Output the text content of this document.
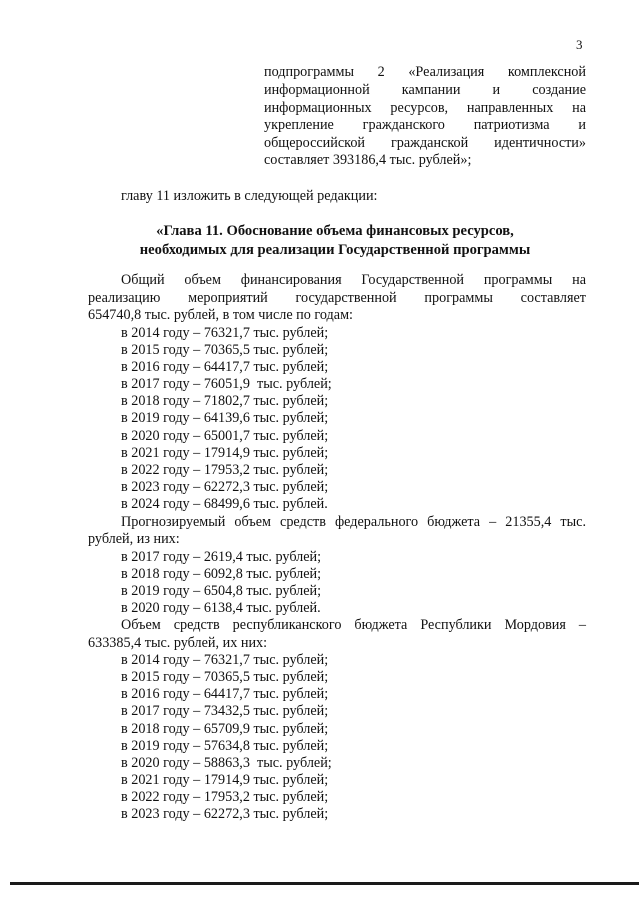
3
подпрограммы 2 «Реализация комплексной
информационной кампании и создание
информационных ресурсов, направленных на
укрепление гражданского патриотизма и
общероссийской гражданской идентичности»
составляет 393186,4 тыс. рублей»;
главу 11 изложить в следующей редакции:
«Глава 11. Обоснование объема финансовых ресурсов,
необходимых для реализации Государственной программы
Общий объем финансирования Государственной программы на
реализацию мероприятий государственной программы составляет
654740,8 тыс. рублей, в том числе по годам:
в 2014 году – 76321,7 тыс. рублей;
в 2015 году – 70365,5 тыс. рублей;
в 2016 году – 64417,7 тыс. рублей;
в 2017 году – 76051,9  тыс. рублей;
в 2018 году – 71802,7 тыс. рублей;
в 2019 году – 64139,6 тыс. рублей;
в 2020 году – 65001,7 тыс. рублей;
в 2021 году – 17914,9 тыс. рублей;
в 2022 году – 17953,2 тыс. рублей;
в 2023 году – 62272,3 тыс. рублей;
в 2024 году – 68499,6 тыс. рублей.
Прогнозируемый объем средств федерального бюджета – 21355,4 тыс.
рублей, из них:
в 2017 году – 2619,4 тыс. рублей;
в 2018 году – 6092,8 тыс. рублей;
в 2019 году – 6504,8 тыс. рублей;
в 2020 году – 6138,4 тыс. рублей.
Объем средств республиканского бюджета Республики Мордовия –
633385,4 тыс. рублей, их них:
в 2014 году – 76321,7 тыс. рублей;
в 2015 году – 70365,5 тыс. рублей;
в 2016 году – 64417,7 тыс. рублей;
в 2017 году – 73432,5 тыс. рублей;
в 2018 году – 65709,9 тыс. рублей;
в 2019 году – 57634,8 тыс. рублей;
в 2020 году – 58863,3  тыс. рублей;
в 2021 году – 17914,9 тыс. рублей;
в 2022 году – 17953,2 тыс. рублей;
в 2023 году – 62272,3 тыс. рублей;
